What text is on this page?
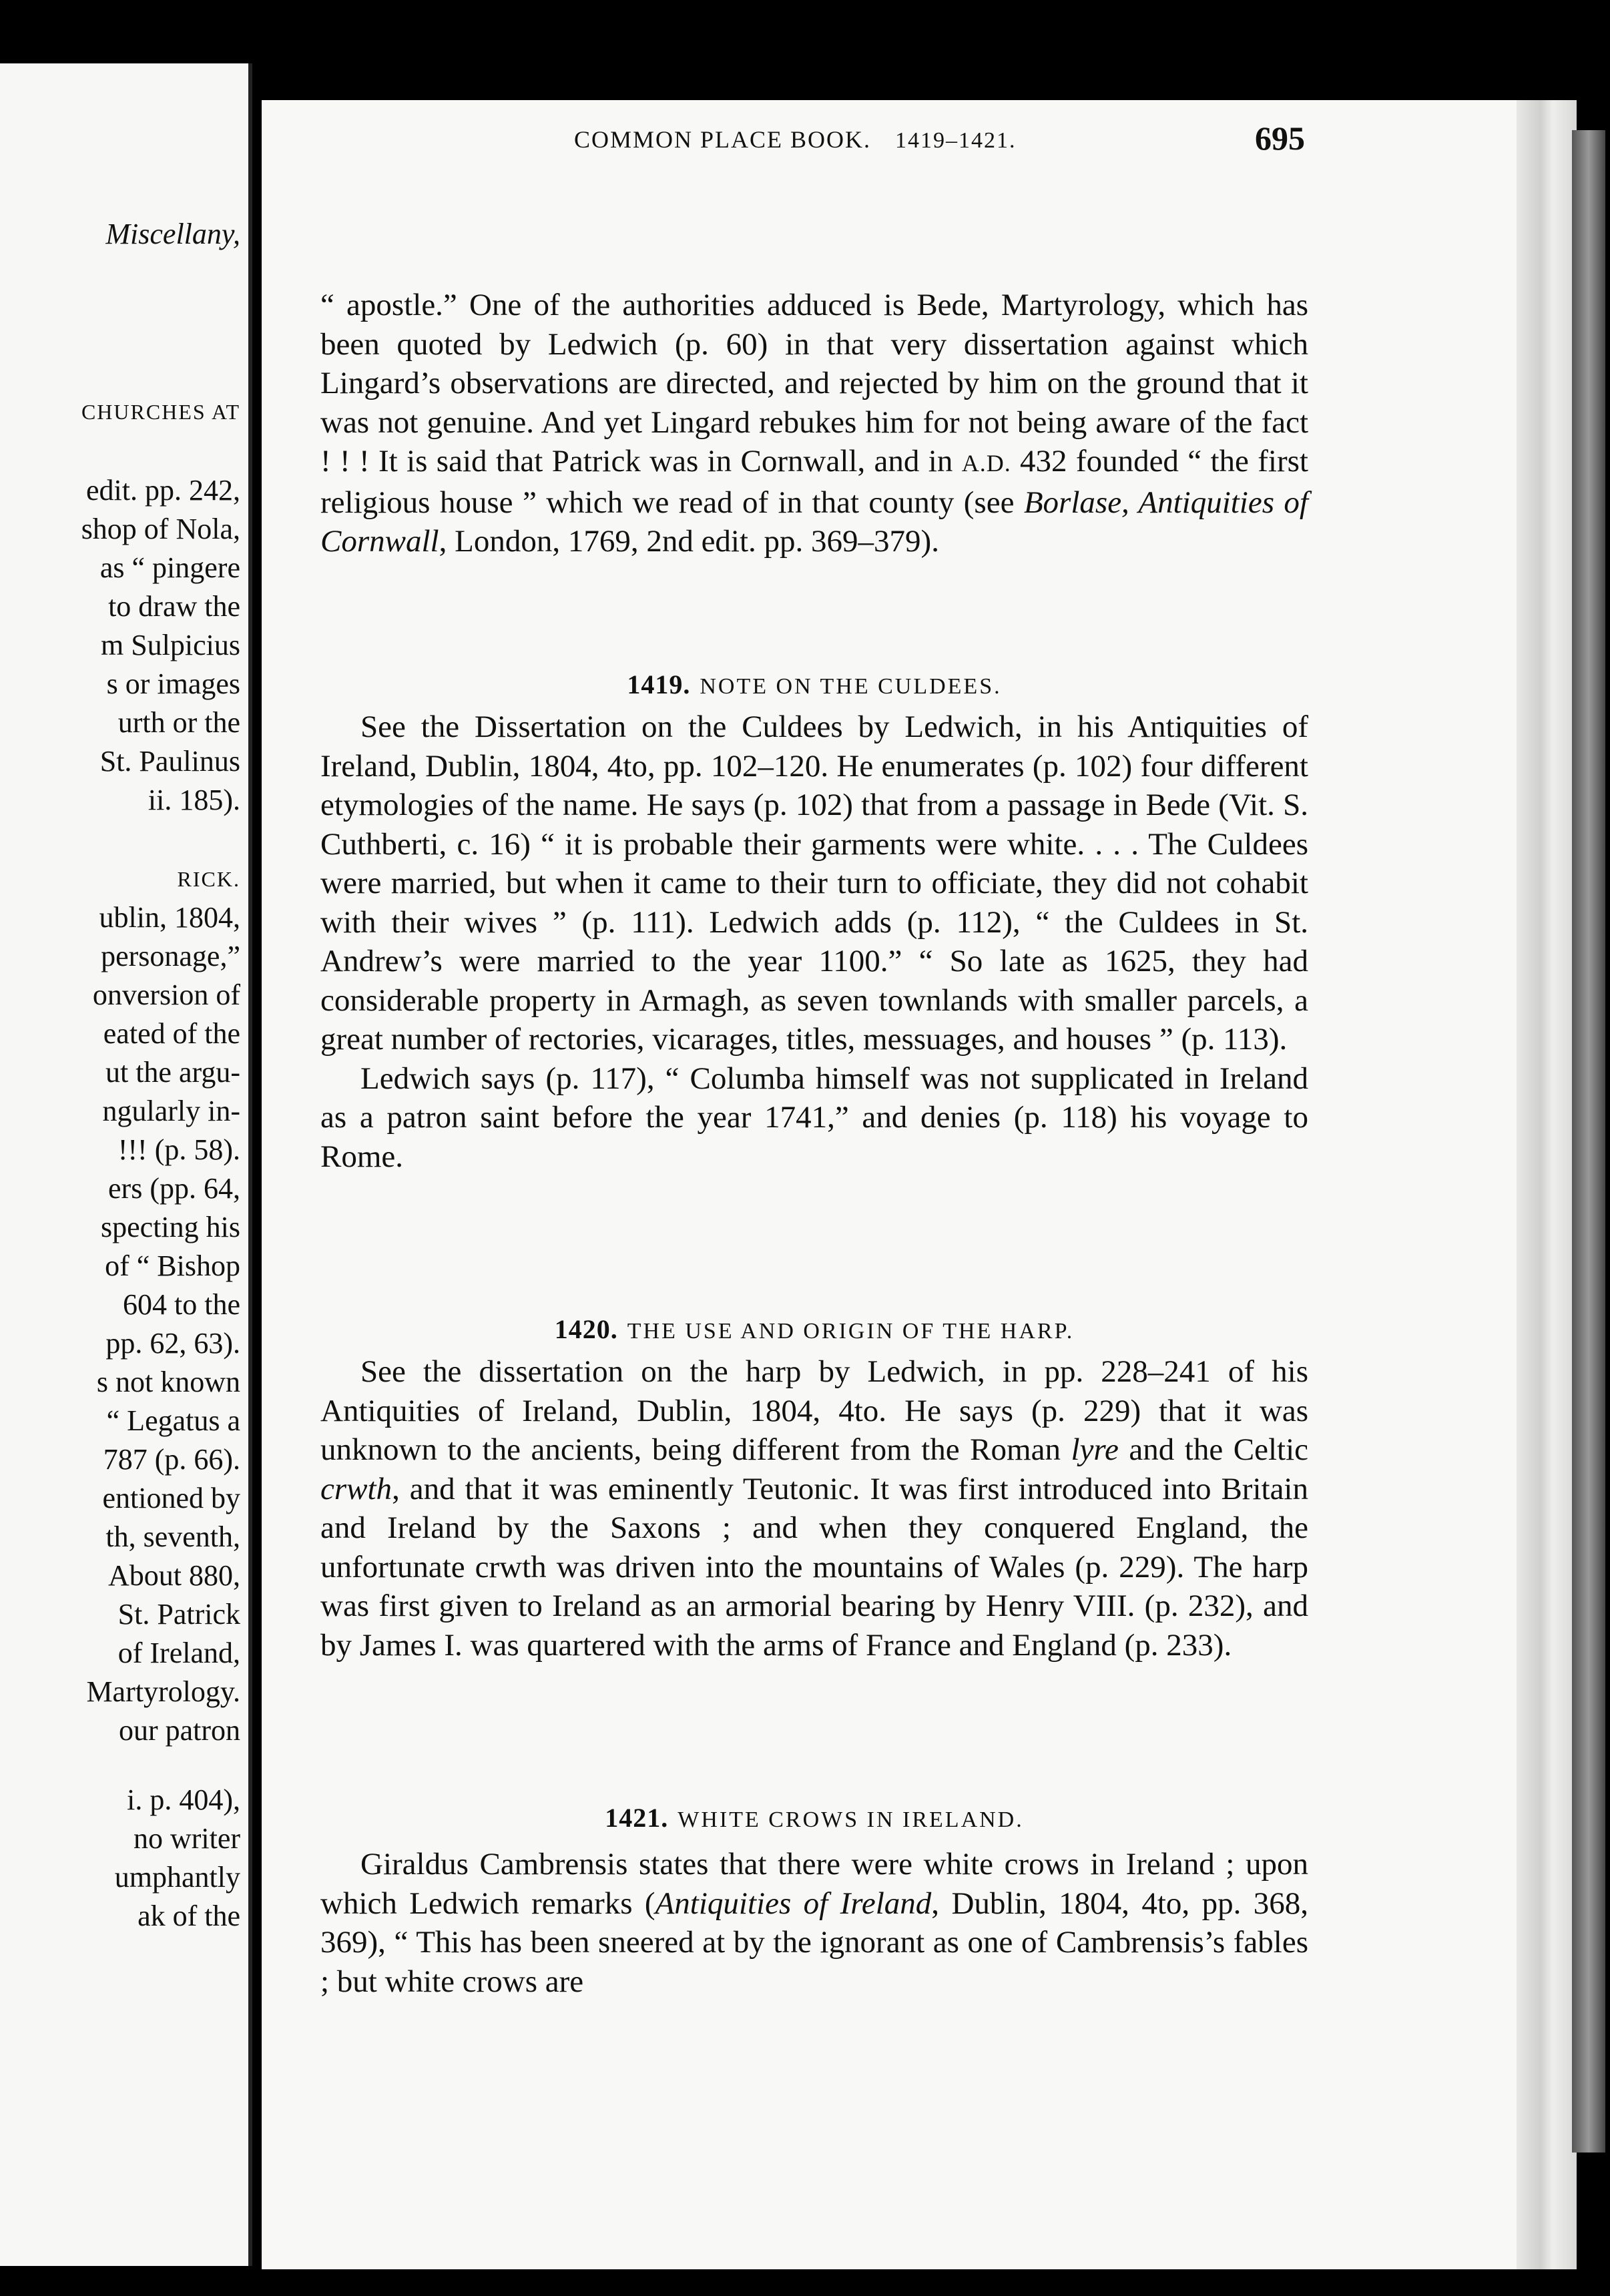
Miscellany,
CHURCHES AT
edit. pp. 242,
shop of Nola,
as “ pingere
to draw the
m Sulpicius
s or images
urth or the
St. Paulinus
ii. 185).
RICK.
ublin, 1804,
personage,”
onversion of
eated of the
ut the argu-
ngularly in-
!!! (p. 58).
ers (pp. 64,
specting his
of “ Bishop
604 to the
pp. 62, 63).
s not known
“ Legatus a
787 (p. 66).
entioned by
th, seventh,
About 880,
St. Patrick
of Ireland,
Martyrology.
our patron
i. p. 404),
no writer
umphantly
ak of the
COMMON PLACE BOOK. 1419–1421.	695

“ apostle.” One of the authorities adduced is Bede, Martyrology, which has been quoted by Ledwich (p. 60) in that very dissertation against which Lingard’s observations are directed, and rejected by him on the ground that it was not genuine. And yet Lingard rebukes him for not being aware of the fact ! ! ! It is said that Patrick was in Cornwall, and in A.D. 432 founded “ the first religious house ” which we read of in that county (see Borlase, Antiquities of Cornwall, London, 1769, 2nd edit. pp. 369–379).

1419. NOTE ON THE CULDEES.

See the Dissertation on the Culdees by Ledwich, in his Antiquities of Ireland, Dublin, 1804, 4to, pp. 102–120. He enumerates (p. 102) four different etymologies of the name. He says (p. 102) that from a passage in Bede (Vit. S. Cuthberti, c. 16) “ it is probable their garments were white. . . . The Culdees were married, but when it came to their turn to officiate, they did not cohabit with their wives ” (p. 111). Ledwich adds (p. 112), “ the Culdees in St. Andrew’s were married to the year 1100.” “ So late as 1625, they had considerable property in Armagh, as seven townlands with smaller parcels, a great number of rectories, vicarages, titles, messuages, and houses ” (p. 113).

Ledwich says (p. 117), “ Columba himself was not supplicated in Ireland as a patron saint before the year 1741,” and denies (p. 118) his voyage to Rome.

1420. THE USE AND ORIGIN OF THE HARP.

See the dissertation on the harp by Ledwich, in pp. 228–241 of his Antiquities of Ireland, Dublin, 1804, 4to. He says (p. 229) that it was unknown to the ancients, being different from the Roman lyre and the Celtic crwth, and that it was eminently Teutonic. It was first introduced into Britain and Ireland by the Saxons ; and when they conquered England, the unfortunate crwth was driven into the mountains of Wales (p. 229). The harp was first given to Ireland as an armorial bearing by Henry VIII. (p. 232), and by James I. was quartered with the arms of France and England (p. 233).

1421. WHITE CROWS IN IRELAND.

Giraldus Cambrensis states that there were white crows in Ireland ; upon which Ledwich remarks (Antiquities of Ireland, Dublin, 1804, 4to, pp. 368, 369), “ This has been sneered at by the ignorant as one of Cambrensis’s fables ; but white crows are
